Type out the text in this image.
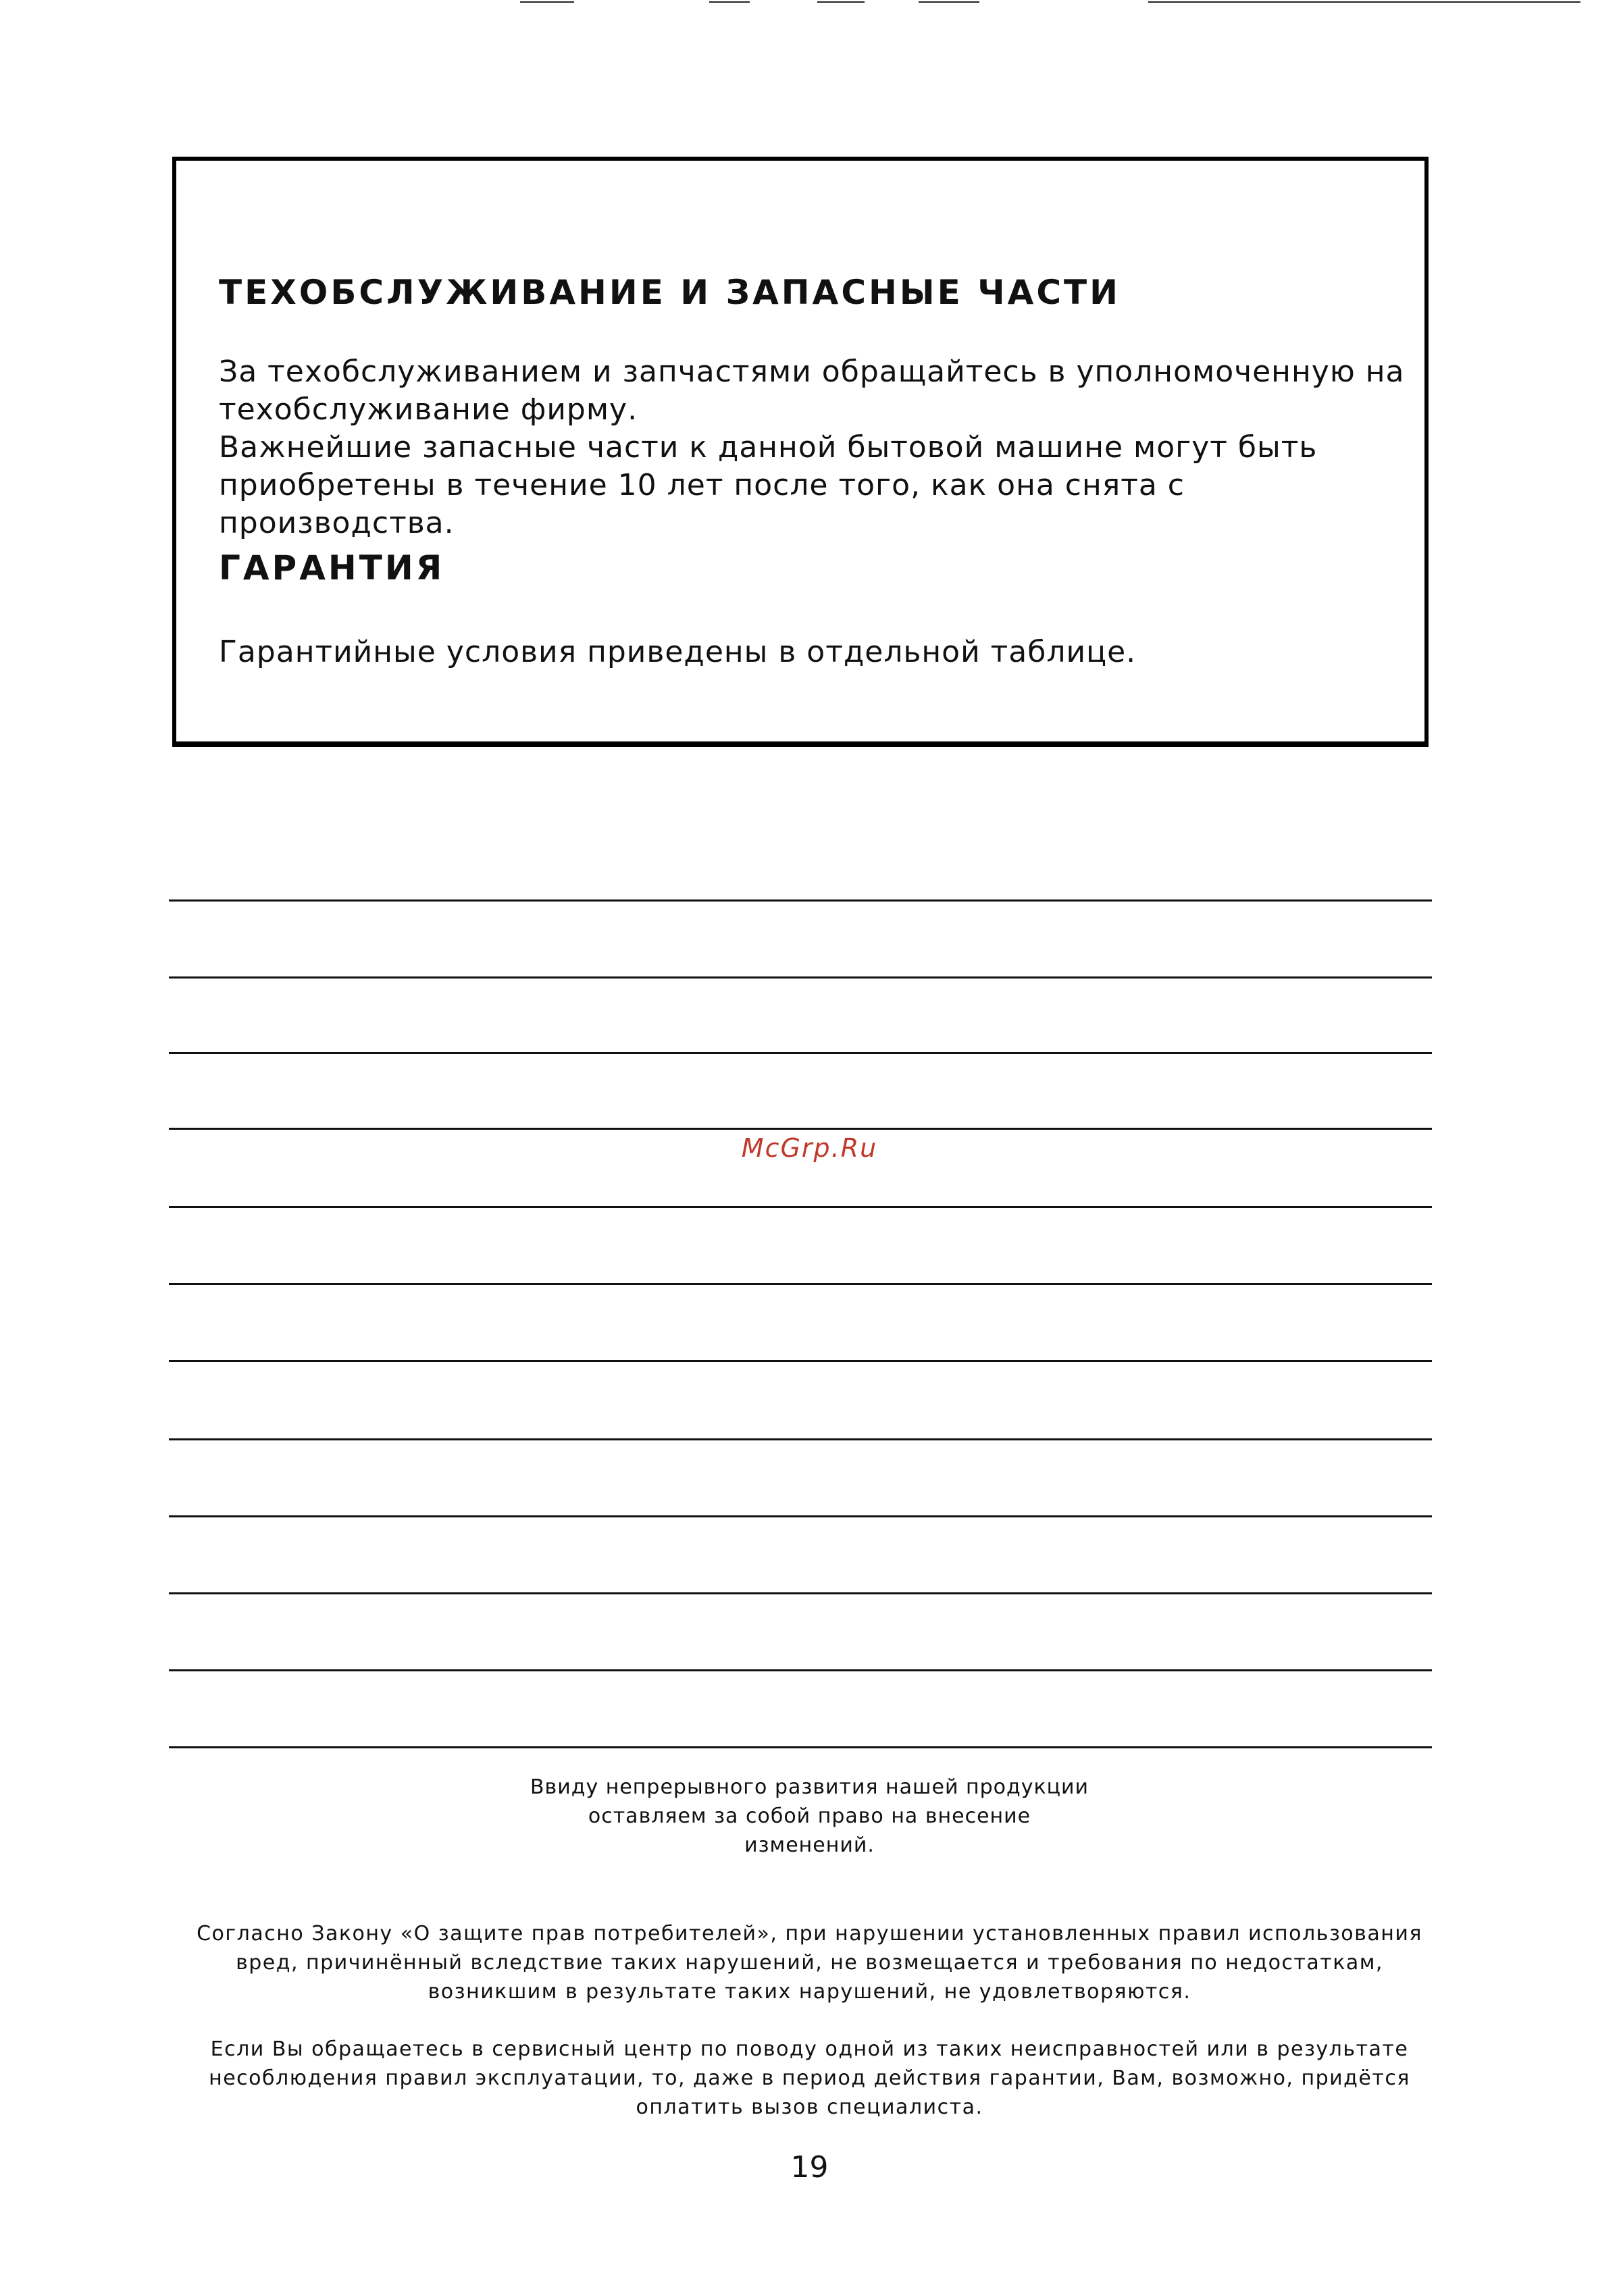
ТЕХОБСЛУЖИВАНИЕ И ЗАПАСНЫЕ ЧАСТИ

За техобслуживанием и запчастями обращайтесь в уполномоченную на
техобслуживание фирму.
Важнейшие запасные части к данной бытовой машине могут быть
приобретены в течение 10 лет после того, как она снята с производства.

ГАРАНТИЯ

Гарантийные условия приведены в отдельной таблице.

McGrp.Ru
Ввиду непрерывного развития нашей продукции
оставляем за собой право на внесение
изменений.
Согласно Закону «О защите прав потребителей», при нарушении установленных правил использования
вред, причинённый вследствие таких нарушений, не возмещается и требования по недостаткам,
возникшим в результате таких нарушений, не удовлетворяются.
Если Вы обращаетесь в сервисный центр по поводу одной из таких неисправностей или в результате
несоблюдения правил эксплуатации, то, даже в период действия гарантии, Вам, возможно, придётся
оплатить вызов специалиста.
19
